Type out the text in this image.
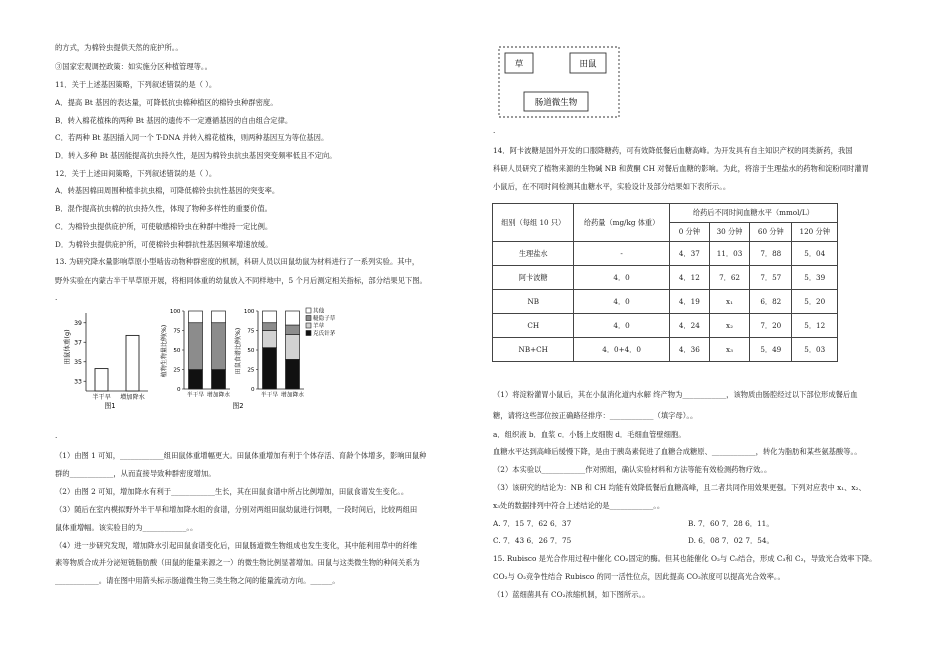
的方式，为棉铃虫提供天然的庇护所。。
③国家宏观调控政策：如实施分区种植管理等。。
11．关于上述基因策略，下列叙述错误的是（ ）。
A．提高 Bt 基因的表达量，可降低抗虫棉种植区的棉铃虫种群密度。
B．转入棉花植株的两种 Bt 基因的遗传不一定遵循基因的自由组合定律。
C．若两种 Bt 基因插入同一个 T-DNA 并转入棉花植株，则两种基因互为等位基因。
D．转入多种 Bt 基因能提高抗虫持久性，是因为棉铃虫抗虫基因突变频率低且不定向。
12．关于上述田间策略，下列叙述错误的是（ ）。
A．转基因棉田周围种植非抗虫棉，可降低棉铃虫抗性基因的突变率。
B．混作提高抗虫棉的抗虫持久性，体现了物种多样性的重要价值。
C．为棉铃虫提供庇护所，可使敏感棉铃虫在种群中维持一定比例。
D．为棉铃虫提供庇护所，可使棉铃虫种群抗性基因频率增速放缓。
13. 为研究降水量影响草原小型啮齿动物种群密度的机制，科研人员以田鼠幼鼠为材料进行了一系列实验。其中，
野外实验在内蒙古半干旱草原开展，将相同体重的幼鼠放入不同样地中，5 个月后测定相关指标，部分结果见下图。
.
.
（1）由图 1 可知，____________组田鼠体重增幅更大。田鼠体重增加有利于个体存活、育龄个体增多，影响田鼠种
群的____________，从而直接导致种群密度增加。
（2）由图 2 可知，增加降水有利于____________生长，其在田鼠食谱中所占比例增加，田鼠食谱发生变化。。
（3）随后在室内模拟野外半干旱和增加降水组的食谱，分别对两组田鼠幼鼠进行饲喂，一段时间后，比较两组田
鼠体重增幅。该实验目的为____________。。
（4）进一步研究发现，增加降水引起田鼠食谱变化后，田鼠肠道微生物组成也发生变化，其中能利用草中的纤维
素等物质合成并分泌短链脂肪酸（田鼠的能量来源之一）的微生物比例显著增加。田鼠与这类微生物的种间关系为
____________。请在图中用箭头标示肠道微生物三类生物之间的能量流动方向。______。
田鼠体重(g)
33
35
37
39
半干旱 增加降水
图1
植物生物量比例(%)	田鼠食谱比例(%)
0
25
50
75
100
半干旱 增加降水
0
25
50
75
100
半干旱 增加降水
其他
糙隐子草
羊草
克氏针茅
图2
草	田鼠
肠道微生物
.
14．阿卡波糖是国外开发的口服降糖药，可有效降低餐后血糖高峰。为开发具有自主知识产权的同类新药，我国
科研人员研究了植物来源的生物碱 NB 和黄酮 CH 对餐后血糖的影响。为此，将溶于生理盐水的药物和淀粉同时灌胃
小鼠后，在不同时间检测其血糖水平，实验设计及部分结果如下表所示。。
（1）将淀粉灌胃小鼠后，其在小鼠消化道内水解 终产物为____________，该物质由肠腔经过以下部位形成餐后血
糖，请将这些部位按正确路径排序：____________（填字母）。。
a．组织液 b．血浆 c．小肠上皮细胞 d．毛细血管壁细胞。
血糖水平达到高峰后缓慢下降，是由于胰岛素促进了血糖合成糖原、____________，转化为脂肪和某些氨基酸等。。
（2）本实验以____________作对照组，确认实验材料和方法等能有效检测药物疗效。。
（3）该研究的结论为：NB 和 CH 均能有效降低餐后血糖高峰，且二者共同作用效果更强。下列对应表中 x₁、x₂、
x₃处的数据排列中符合上述结论的是____________。。
A. 7．15 7．62 6．37	B. 7．60 7．28 6．11。
C. 7．43 6．26 7．75	D. 6．08 7．02 7．54。
15. Rubisco 是光合作用过程中催化 CO₂固定的酶。但其也能催化 O₂与 C₅结合，形成 C₃和 C₂，导致光合效率下降。
CO₂与 O₂竞争性结合 Rubisco 的同一活性位点，因此提高 CO₂浓度可以提高光合效率。。
（1）蓝细菌具有 CO₂浓缩机制，如下图所示。。
组别（每组 10 只）	给药量（mg/kg 体重）	给药后不同时间血糖水平（mmol/L）			
		0 分钟	30 分钟	60 分钟	120 分钟
生理盐水	-	4．37	11．03	7．88	5．04
阿卡波糖	4．0	4．12	7．62	7．57	5．39
NB	4．0	4．19	x₁	6．82	5．20
CH	4．0	4．24	x₂	7．20	5．12
NB+CH	4．0+4．0	4．36	x₃	5．49	5．03
